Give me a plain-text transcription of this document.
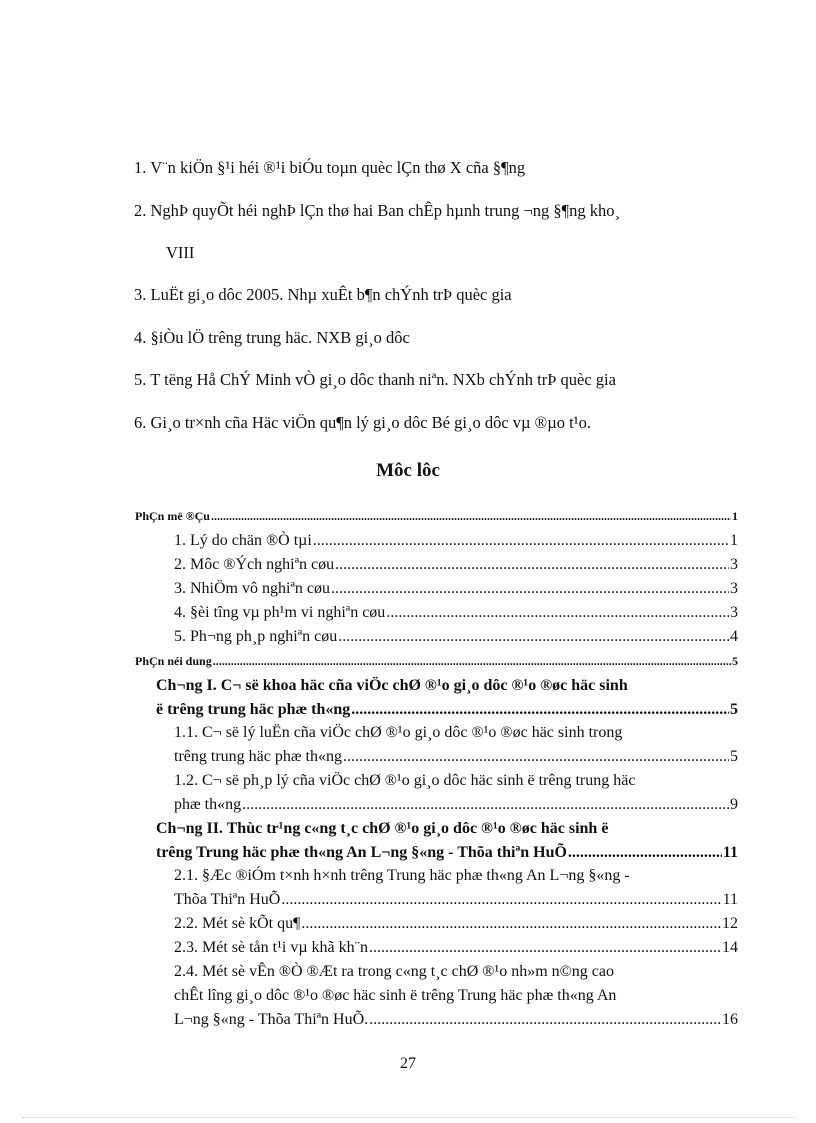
1. V¨n kiÖn §¹i héi ®¹i biÓu toµn quèc lÇn thø X cña §¶ng
2. NghÞ quyÕt héi nghÞ lÇn thø hai Ban chÊp hµnh trung ¬ng §¶ng kho¸
VIII
3. LuËt gi¸o dôc 2005. Nhµ xuÊt b¶n chÝnh trÞ quèc gia
4. §iÒu lÖ trêng trung häc. NXB gi¸o dôc
5. T tëng Hå ChÝ Minh vÒ gi¸o dôc thanh niªn. NXb chÝnh trÞ quèc gia
6. Gi¸o tr×nh cña Häc viÖn qu¶n lý gi¸o dôc Bé gi¸o dôc vµ ®µo t¹o.
Môc lôc
PhÇn më ®Çu .....	1
1. Lý do chän ®Ò tµi .....	1
2. Môc ®Ých nghiªn cøu .....	3
3. NhiÖm vô nghiªn cøu .....	3
4. §èi tîng vµ ph¹m vi nghiªn cøu .....	3
5. Ph¬ng ph¸p nghiªn cøu .....	4
PhÇn néi dung .....	5
Ch¬ng I. C¬ së khoa häc cña viÖc chØ ®¹o gi¸o dôc ®¹o ®øc häc sinh
ë trêng trung häc phæ th«ng .....	5
1.1. C¬ së lý luËn cña viÖc chØ ®¹o gi¸o dôc ®¹o ®øc häc sinh trong
trêng trung häc phæ th«ng .....	5
1.2. C¬ së ph¸p lý cña viÖc chØ ®¹o gi¸o dôc häc sinh ë trêng trung häc
phæ th«ng .....	9
Ch¬ng II. Thùc tr¹ng c«ng t¸c chØ ®¹o gi¸o dôc ®¹o ®øc häc sinh ë
trêng Trung häc phæ th«ng An L¬ng §«ng - Thõa thiªn HuÕ .....	11
2.1. §Æc ®iÓm t×nh h×nh trêng Trung häc phæ th«ng An L¬ng §«ng -
Thõa Thiªn HuÕ .....	11
2.2. Mét sè kÕt qu¶ .....	12
2.3. Mét sè tån t¹i vµ khã kh¨n .....	14
2.4. Mét sè vÊn ®Ò ®Æt ra trong c«ng t¸c chØ ®¹o nh»m n©ng cao
chÊt lîng gi¸o dôc ®¹o ®øc häc sinh ë trêng Trung häc phæ th«ng An
L¬ng §«ng - Thõa Thiªn HuÕ. .....	16
27
